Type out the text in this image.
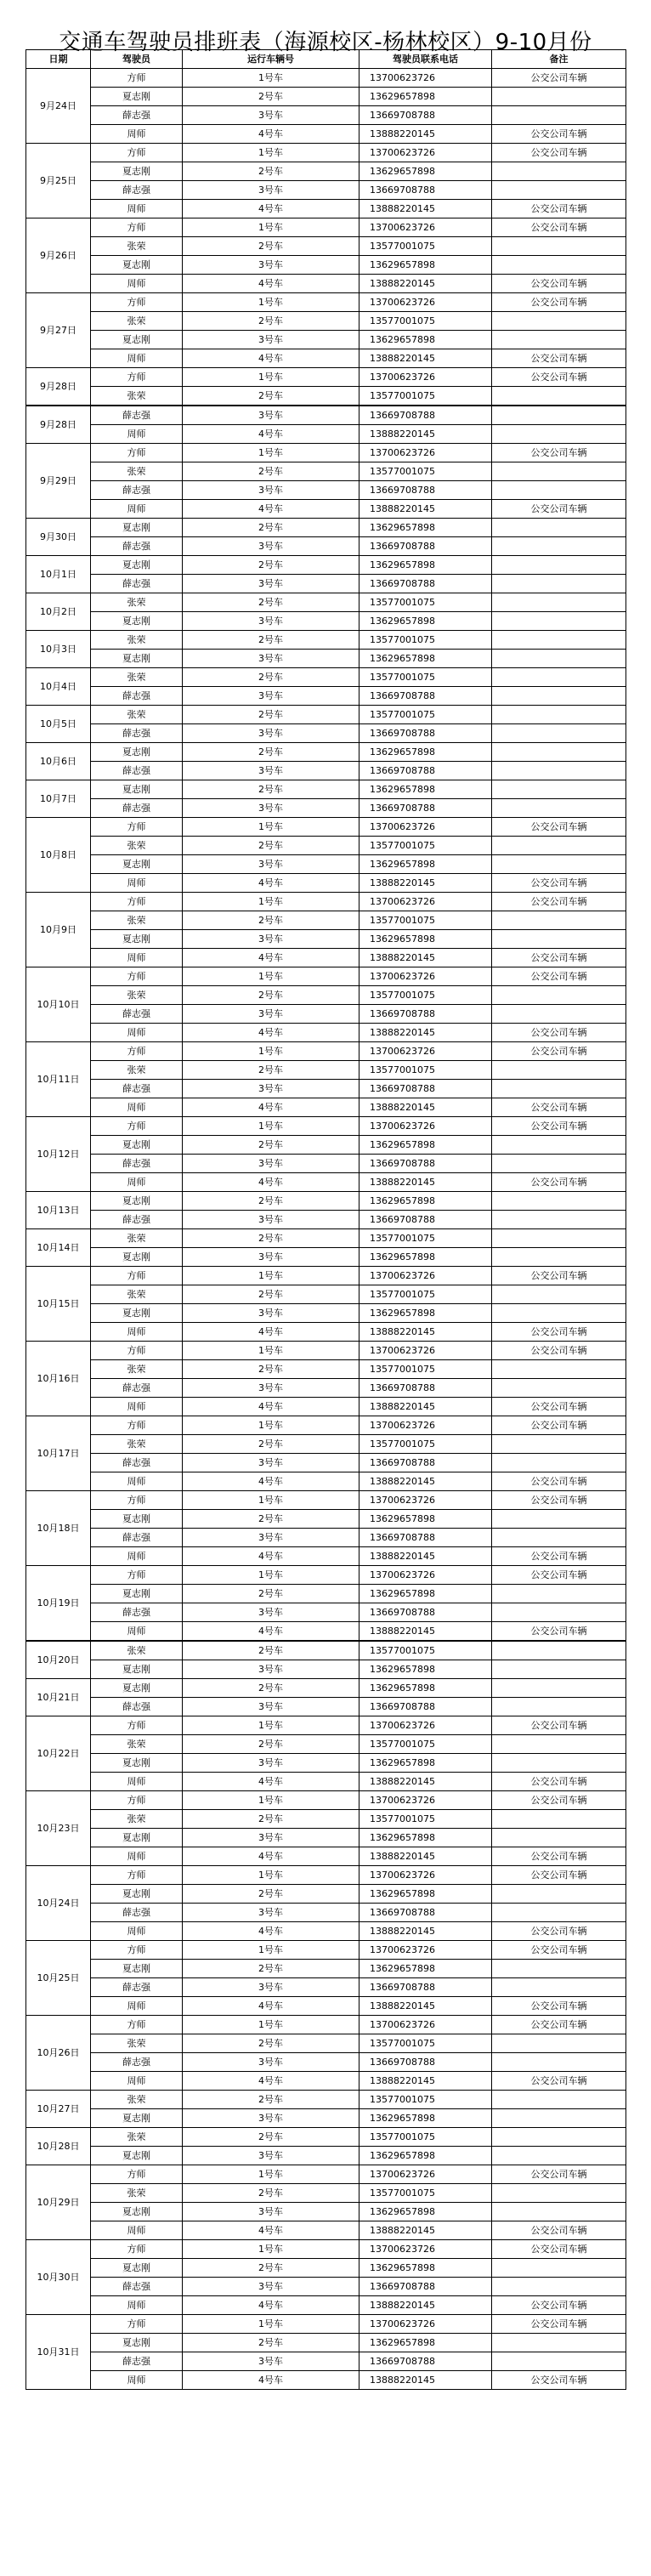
交通车驾驶员排班表（海源校区-杨林校区）9-10月份
日期	驾驶员	运行车辆号	驾驶员联系电话	备注
9月24日	方师	1号车	13700623726	公交公司车辆
	夏志刚	2号车	13629657898	
	薛志强	3号车	13669708788	
	周师	4号车	13888220145	公交公司车辆
9月25日	方师	1号车	13700623726	公交公司车辆
	夏志刚	2号车	13629657898	
	薛志强	3号车	13669708788	
	周师	4号车	13888220145	公交公司车辆
9月26日	方师	1号车	13700623726	公交公司车辆
	张荣	2号车	13577001075	
	夏志刚	3号车	13629657898	
	周师	4号车	13888220145	公交公司车辆
9月27日	方师	1号车	13700623726	公交公司车辆
	张荣	2号车	13577001075	
	夏志刚	3号车	13629657898	
	周师	4号车	13888220145	公交公司车辆
9月28日	方师	1号车	13700623726	公交公司车辆
	张荣	2号车	13577001075	
9月28日	薛志强	3号车	13669708788	
	周师	4号车	13888220145	
9月29日	方师	1号车	13700623726	公交公司车辆
	张荣	2号车	13577001075	
	薛志强	3号车	13669708788	
	周师	4号车	13888220145	公交公司车辆
9月30日	夏志刚	2号车	13629657898	
	薛志强	3号车	13669708788	
10月1日	夏志刚	2号车	13629657898	
	薛志强	3号车	13669708788	
10月2日	张荣	2号车	13577001075	
	夏志刚	3号车	13629657898	
10月3日	张荣	2号车	13577001075	
	夏志刚	3号车	13629657898	
10月4日	张荣	2号车	13577001075	
	薛志强	3号车	13669708788	
10月5日	张荣	2号车	13577001075	
	薛志强	3号车	13669708788	
10月6日	夏志刚	2号车	13629657898	
	薛志强	3号车	13669708788	
10月7日	夏志刚	2号车	13629657898	
	薛志强	3号车	13669708788	
10月8日	方师	1号车	13700623726	公交公司车辆
	张荣	2号车	13577001075	
	夏志刚	3号车	13629657898	
	周师	4号车	13888220145	公交公司车辆
10月9日	方师	1号车	13700623726	公交公司车辆
	张荣	2号车	13577001075	
	夏志刚	3号车	13629657898	
	周师	4号车	13888220145	公交公司车辆
10月10日	方师	1号车	13700623726	公交公司车辆
	张荣	2号车	13577001075	
	薛志强	3号车	13669708788	
	周师	4号车	13888220145	公交公司车辆
10月11日	方师	1号车	13700623726	公交公司车辆
	张荣	2号车	13577001075	
	薛志强	3号车	13669708788	
	周师	4号车	13888220145	公交公司车辆
10月12日	方师	1号车	13700623726	公交公司车辆
	夏志刚	2号车	13629657898	
	薛志强	3号车	13669708788	
	周师	4号车	13888220145	公交公司车辆
10月13日	夏志刚	2号车	13629657898	
	薛志强	3号车	13669708788	
10月14日	张荣	2号车	13577001075	
	夏志刚	3号车	13629657898	
10月15日	方师	1号车	13700623726	公交公司车辆
	张荣	2号车	13577001075	
	夏志刚	3号车	13629657898	
	周师	4号车	13888220145	公交公司车辆
10月16日	方师	1号车	13700623726	公交公司车辆
	张荣	2号车	13577001075	
	薛志强	3号车	13669708788	
	周师	4号车	13888220145	公交公司车辆
10月17日	方师	1号车	13700623726	公交公司车辆
	张荣	2号车	13577001075	
	薛志强	3号车	13669708788	
	周师	4号车	13888220145	公交公司车辆
10月18日	方师	1号车	13700623726	公交公司车辆
	夏志刚	2号车	13629657898	
	薛志强	3号车	13669708788	
	周师	4号车	13888220145	公交公司车辆
10月19日	方师	1号车	13700623726	公交公司车辆
	夏志刚	2号车	13629657898	
	薛志强	3号车	13669708788	
	周师	4号车	13888220145	公交公司车辆
10月20日	张荣	2号车	13577001075	
	夏志刚	3号车	13629657898	
10月21日	夏志刚	2号车	13629657898	
	薛志强	3号车	13669708788	
10月22日	方师	1号车	13700623726	公交公司车辆
	张荣	2号车	13577001075	
	夏志刚	3号车	13629657898	
	周师	4号车	13888220145	公交公司车辆
10月23日	方师	1号车	13700623726	公交公司车辆
	张荣	2号车	13577001075	
	夏志刚	3号车	13629657898	
	周师	4号车	13888220145	公交公司车辆
10月24日	方师	1号车	13700623726	公交公司车辆
	夏志刚	2号车	13629657898	
	薛志强	3号车	13669708788	
	周师	4号车	13888220145	公交公司车辆
10月25日	方师	1号车	13700623726	公交公司车辆
	夏志刚	2号车	13629657898	
	薛志强	3号车	13669708788	
	周师	4号车	13888220145	公交公司车辆
10月26日	方师	1号车	13700623726	公交公司车辆
	张荣	2号车	13577001075	
	薛志强	3号车	13669708788	
	周师	4号车	13888220145	公交公司车辆
10月27日	张荣	2号车	13577001075	
	夏志刚	3号车	13629657898	
10月28日	张荣	2号车	13577001075	
	夏志刚	3号车	13629657898	
10月29日	方师	1号车	13700623726	公交公司车辆
	张荣	2号车	13577001075	
	夏志刚	3号车	13629657898	
	周师	4号车	13888220145	公交公司车辆
10月30日	方师	1号车	13700623726	公交公司车辆
	夏志刚	2号车	13629657898	
	薛志强	3号车	13669708788	
	周师	4号车	13888220145	公交公司车辆
10月31日	方师	1号车	13700623726	公交公司车辆
	夏志刚	2号车	13629657898	
	薛志强	3号车	13669708788	
	周师	4号车	13888220145	公交公司车辆
